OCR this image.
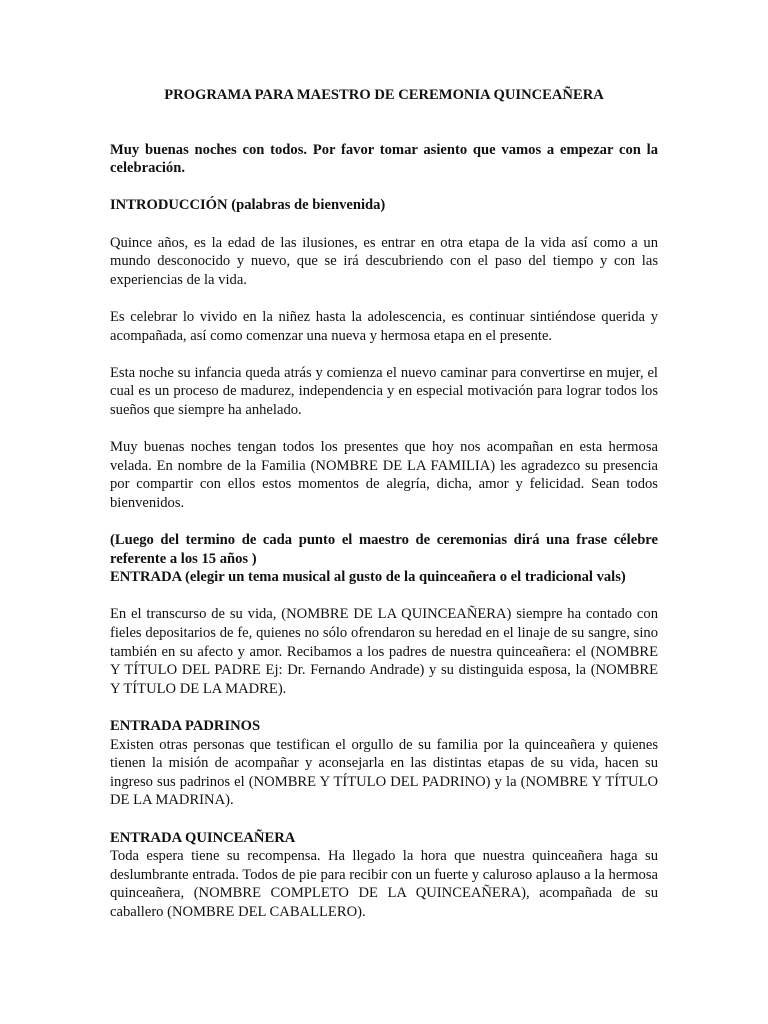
PROGRAMA PARA MAESTRO DE CEREMONIA QUINCEAÑERA

Muy buenas noches con todos. Por favor tomar asiento que vamos a empezar con la celebración.

INTRODUCCIÓN (palabras de bienvenida)

Quince años, es la edad de las ilusiones, es entrar en otra etapa de la vida así como a un mundo desconocido y nuevo, que se irá descubriendo con el paso del tiempo y con las experiencias de la vida.

Es celebrar lo vivido en la niñez hasta la adolescencia, es continuar sintiéndose querida y acompañada, así como comenzar una nueva y hermosa etapa en el presente.

Esta noche su infancia queda atrás y comienza el nuevo caminar para convertirse en mujer, el cual es un proceso de madurez, independencia y en especial motivación para lograr todos los sueños que siempre ha anhelado.

Muy buenas noches tengan todos los presentes que hoy nos acompañan en esta hermosa velada. En nombre de la Familia (NOMBRE DE LA FAMILIA) les agradezco su presencia por compartir con ellos estos momentos de alegría, dicha, amor y felicidad. Sean todos bienvenidos.

(Luego del termino de cada punto el maestro de ceremonias dirá una frase célebre referente a los 15 años )

ENTRADA (elegir un tema musical al gusto de la quinceañera o el tradicional vals)

En el transcurso de su vida, (NOMBRE DE LA QUINCEAÑERA) siempre ha contado con fieles depositarios de fe, quienes no sólo ofrendaron su heredad en el linaje de su sangre, sino también en su afecto y amor. Recibamos a los padres de nuestra quinceañera: el (NOMBRE Y TÍTULO DEL PADRE Ej: Dr. Fernando Andrade) y su distinguida esposa, la (NOMBRE Y TÍTULO DE LA MADRE).

ENTRADA PADRINOS

Existen otras personas que testifican el orgullo de su familia por la quinceañera y quienes tienen la misión de acompañar y aconsejarla en las distintas etapas de su vida, hacen su ingreso sus padrinos el (NOMBRE Y TÍTULO DEL PADRINO) y la (NOMBRE Y TÍTULO DE LA MADRINA).

ENTRADA QUINCEAÑERA

Toda espera tiene su recompensa. Ha llegado la hora que nuestra quinceañera haga su deslumbrante entrada. Todos de pie para recibir con un fuerte y caluroso aplauso a la hermosa quinceañera, (NOMBRE COMPLETO DE LA QUINCEAÑERA), acompañada de su caballero (NOMBRE DEL CABALLERO).
